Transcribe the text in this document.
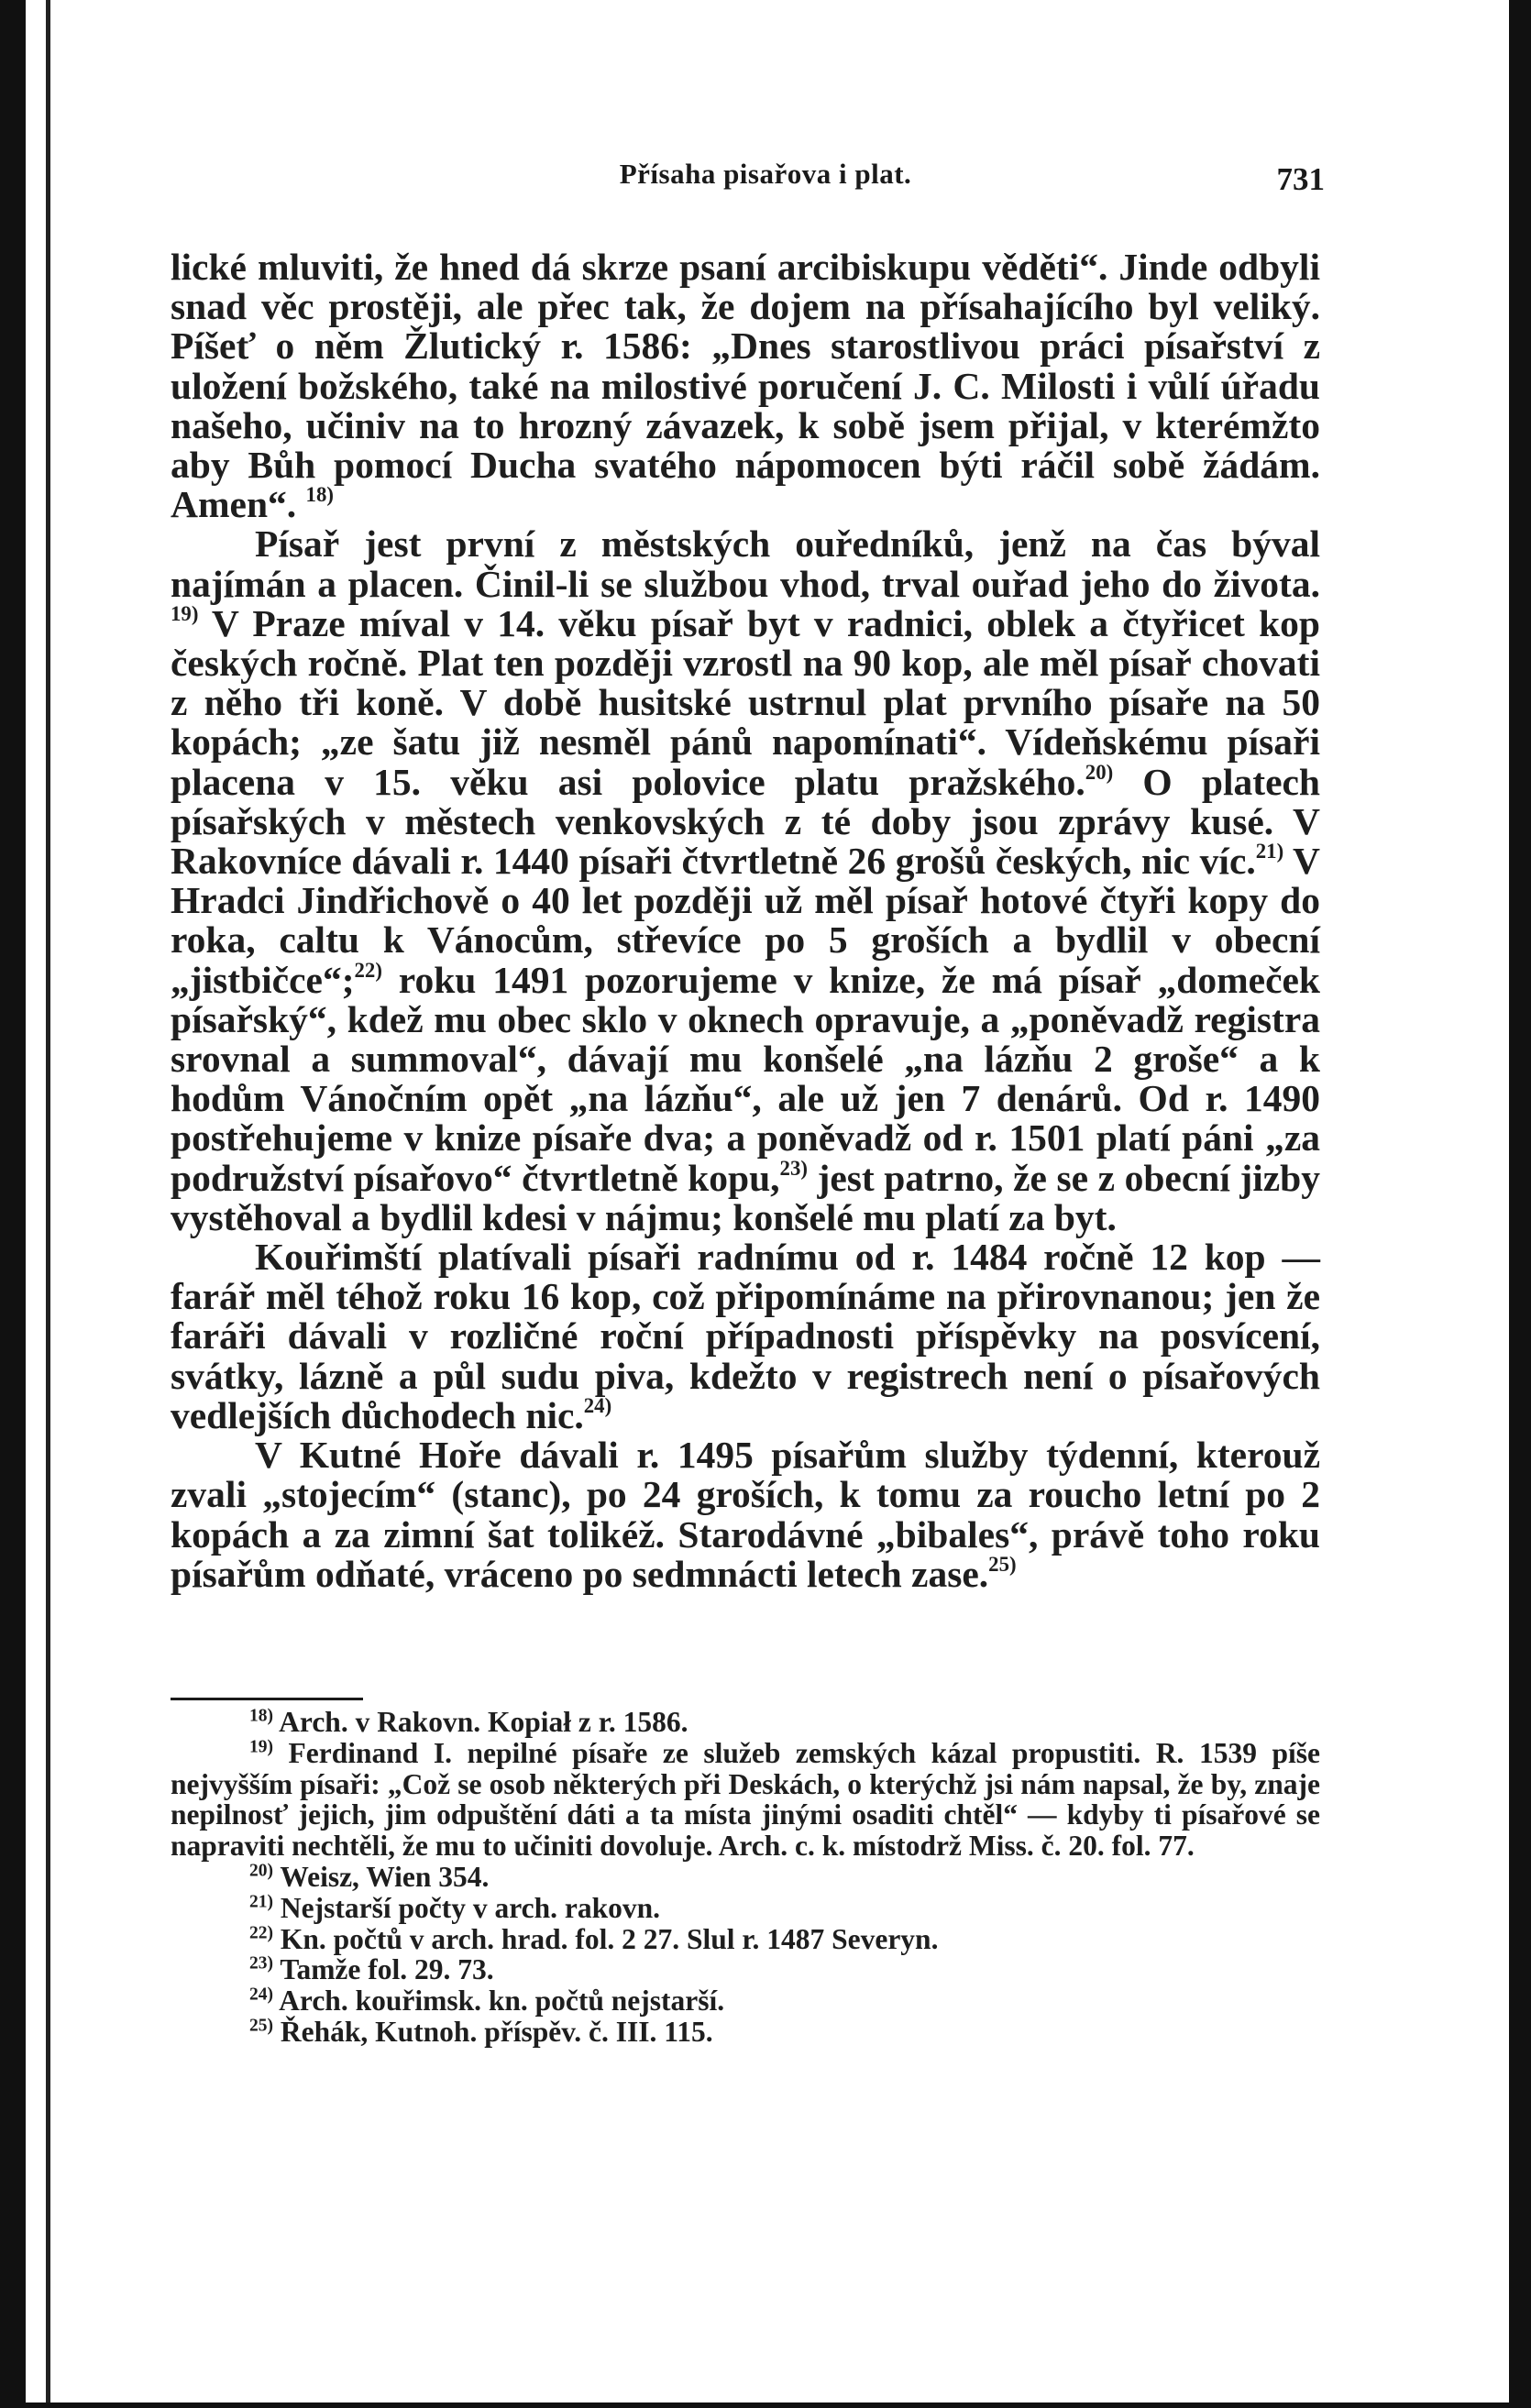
Přísaha pisařova i plat.	731

lické mluviti, že hned dá skrze psaní arcibiskupu věděti“. Jinde odbyli snad věc prostěji, ale přec tak, že dojem na přísahajícího byl veliký. Píšeť o něm Žlutický r. 1586: „Dnes starostlivou práci písařství z uložení božského, také na milostivé poručení J. C. Milosti i vůlí úřadu našeho, učiniv na to hrozný závazek, k sobě jsem přijal, v kterémžto aby Bůh pomocí Ducha svatého nápomocen býti ráčil sobě žádám. Amen“. $^{18)}$

Písař jest první z městských ouředníků, jenž na čas býval najímán a placen. Činil-li se službou vhod, trval ouřad jeho do života. $^{19)}$ V Praze míval v 14. věku písař byt v radnici, oblek a čtyřicet kop českých ročně. Plat ten později vzrostl na 90 kop, ale měl písař chovati z něho tři koně. V době husitské ustrnul plat prvního písaře na 50 kopách; „ze šatu již nesměl pánů napomínati“. Vídeňskému písaři placena v 15. věku asi polovice platu pražského.$^{20)}$ O platech písařských v městech venkovských z té doby jsou zprávy kusé. V Rakovníce dávali r. 1440 písaři čtvrtletně 26 grošů českých, nic víc.$^{21)}$ V Hradci Jindřichově o 40 let později už měl písař hotové čtyři kopy do roka, caltu k Vánocům, střevíce po 5 groších a bydlil v obecní „jistbičce“;$^{22)}$ roku 1491 pozorujeme v knize, že má písař „domeček písařský“, kdež mu obec sklo v oknech opravuje, a „poněvadž registra srovnal a summoval“, dávají mu konšelé „na lázňu 2 groše“ a k hodům Vánočním opět „na lázňu“, ale už jen 7 denárů. Od r. 1490 postřehujeme v knize písaře dva; a poněvadž od r. 1501 platí páni „za podružství písařovo“ čtvrtletně kopu,$^{23)}$ jest patrno, že se z obecní jizby vystěhoval a bydlil kdesi v nájmu; konšelé mu platí za byt.

Kouřimští platívali písaři radnímu od r. 1484 ročně 12 kop — farář měl téhož roku 16 kop, což připomínáme na přirovnanou; jen že faráři dávali v rozličné roční případnosti příspěvky na posvícení, svátky, lázně a půl sudu piva, kdežto v registrech není o písařových vedlejších důchodech nic.$^{24)}$

V Kutné Hoře dávali r. 1495 písařům služby týdenní, kterouž zvali „stojecím“ (stanc), po 24 groších, k tomu za roucho letní po 2 kopách a za zimní šat tolikéž. Starodávné „bibales“, právě toho roku písařům odňaté, vráceno po sedmnácti letech zase.$^{25)}$

$^{18)}$ Arch. v Rakovn. Kopiał z r. 1586.

$^{19)}$ Ferdinand I. nepilné písaře ze služeb zemských kázal propustiti. R. 1539 píše nejvyšším písaři: „Což se osob některých při Deskách, o kterýchž jsi nám napsal, že by, znaje nepilnosť jejich, jim odpuštění dáti a ta místa jinými osaditi chtěl“ — kdyby ti písařové se napraviti nechtěli, že mu to učiniti dovoluje. Arch. c. k. místodrž Miss. č. 20. fol. 77.

$^{20)}$ Weisz, Wien 354.

$^{21)}$ Nejstarší počty v arch. rakovn.

$^{22)}$ Kn. počtů v arch. hrad. fol. 2 27. Slul r. 1487 Severyn.

$^{23)}$ Tamže fol. 29. 73.

$^{24)}$ Arch. kouřimsk. kn. počtů nejstarší.

$^{25)}$ Řehák, Kutnoh. příspěv. č. III. 115.
